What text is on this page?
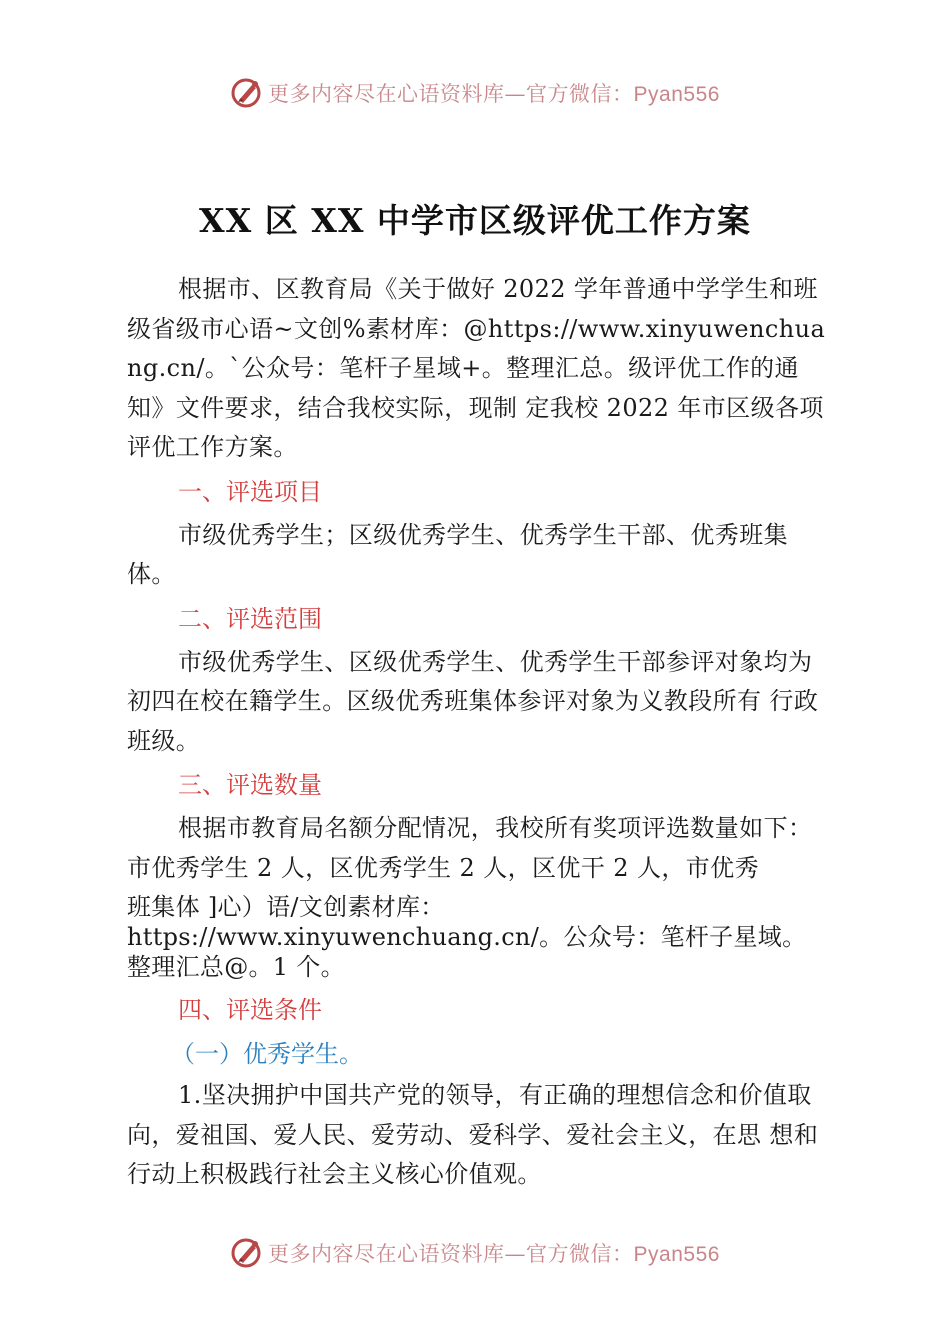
更多内容尽在心语资料库—官方微信：Pyan556
XX 区 XX 中学市区级评优工作方案

根据市、区教育局《关于做好 2022 学年普通中学学生和班级省级市心语~文创%素材库：@https://www.xinyuwenchuang.cn/。`公众号：笔杆子星域+。整理汇总。级评优工作的通知》文件要求，结合我校实际，现制 定我校 2022 年市区级各项评优工作方案。

一、评选项目

市级优秀学生；区级优秀学生、优秀学生干部、优秀班集体。

二、评选范围

市级优秀学生、区级优秀学生、优秀学生干部参评对象均为初四在校在籍学生。区级优秀班集体参评对象为义教段所有 行政班级。

三、评选数量

根据市教育局名额分配情况，我校所有奖项评选数量如下：市优秀学生 2 人，区优秀学生 2 人，区优干 2 人，市优秀

班集体 ]心）语/文创素材库：

https://www.xinyuwenchuang.cn/。公众号：笔杆子星域。整理汇总@。1 个。

四、评选条件
（一）优秀学生。

1.坚决拥护中国共产党的领导，有正确的理想信念和价值取向，爱祖国、爱人民、爱劳动、爱科学、爱社会主义，在思 想和行动上积极践行社会主义核心价值观。

更多内容尽在心语资料库—官方微信：Pyan556
